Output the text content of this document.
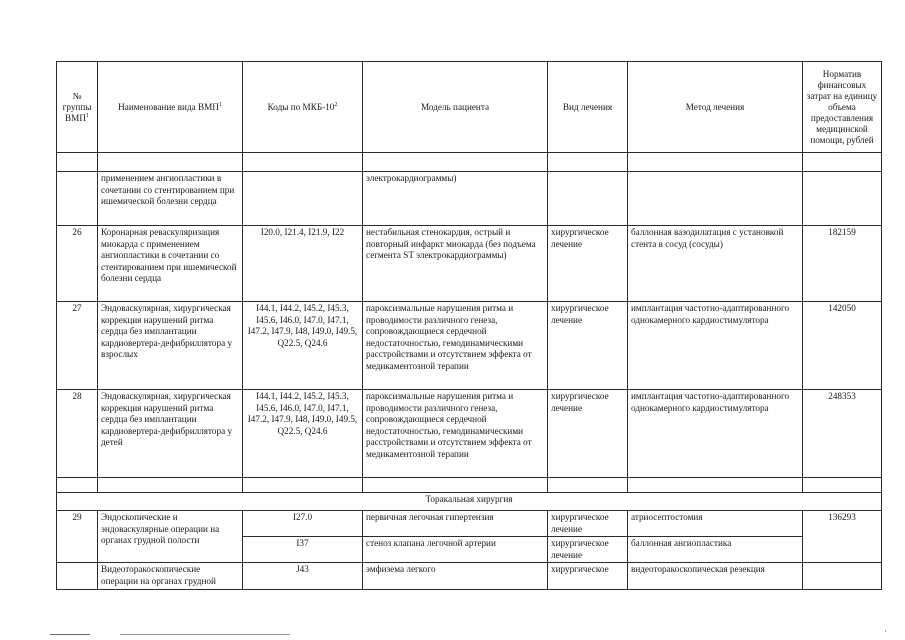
№ группы ВМП$^1$	Наименование вида ВМП$^1$	Коды по МКБ-$10^2$	Модель пациента	Вид лечения	Метод лечения	Норматив финансовых затрат на единицу объема предоставления медицинской помощи, рублей

	применением ангиопластики в сочетании со стентированием при ишемической болезни сердца		электрокардиограммы)			
26	Коронарная реваскуляризация миокарда с применением ангиопластики в сочетании со стентированием при ишемической болезни сердца	I20.0, I21.4, I21.9, I22	нестабильная стенокардия, острый и повторный инфаркт миокарда (без подъема сегмента ST электрокардиограммы)	хирургическое лечение	баллонная вазодилатация с установкой стента в сосуд (сосуды)	182159
27	Эндоваскулярная, хирургическая коррекция нарушений ритма сердца без имплантации кардиовертера-дефибриллятора у взрослых	I44.1, I44.2, I45.2, I45.3, I45.6, I46.0, I47.0, I47.1, I47.2, I47.9, I48, I49.0, I49.5, Q22.5, Q24.6	пароксизмальные нарушения ритма и проводимости различного генеза, сопровождающиеся сердечной недостаточностью, гемодинамическими расстройствами и отсутствием эффекта от медикаментозной терапии	хирургическое лечение	имплантация частотно-адаптированного однокамерного кардиостимулятора	142050
28	Эндоваскулярная, хирургическая коррекция нарушений ритма сердца без имплантации кардиовертера-дефибриллятора у детей	I44.1, I44.2, I45.2, I45.3, I45.6, I46.0, I47.0, I47.1, I47.2, I47.9, I48, I49.0, I49.5, Q22.5, Q24.6	пароксизмальные нарушения ритма и проводимости различного генеза, сопровождающиеся сердечной недостаточностью, гемодинамическими расстройствами и отсутствием эффекта от медикаментозной терапии	хирургическое лечение	имплантация частотно-адаптированного однокамерного кардиостимулятора	248353

Торакальная хирургия						
29	Эндоскопические и эндоваскулярные операции на органах грудной полости	I27.0	первичная легочная гипертензия	хирургическое лечение	атриосептостомия	136293
		I37	стеноз клапана легочной артерии	хирургическое лечение	баллонная ангиопластика	
	Видеоторакоскопические операции на органах грудной	J43	эмфизема легкого	хирургическое	видеоторакоскопическая резекция	
·
